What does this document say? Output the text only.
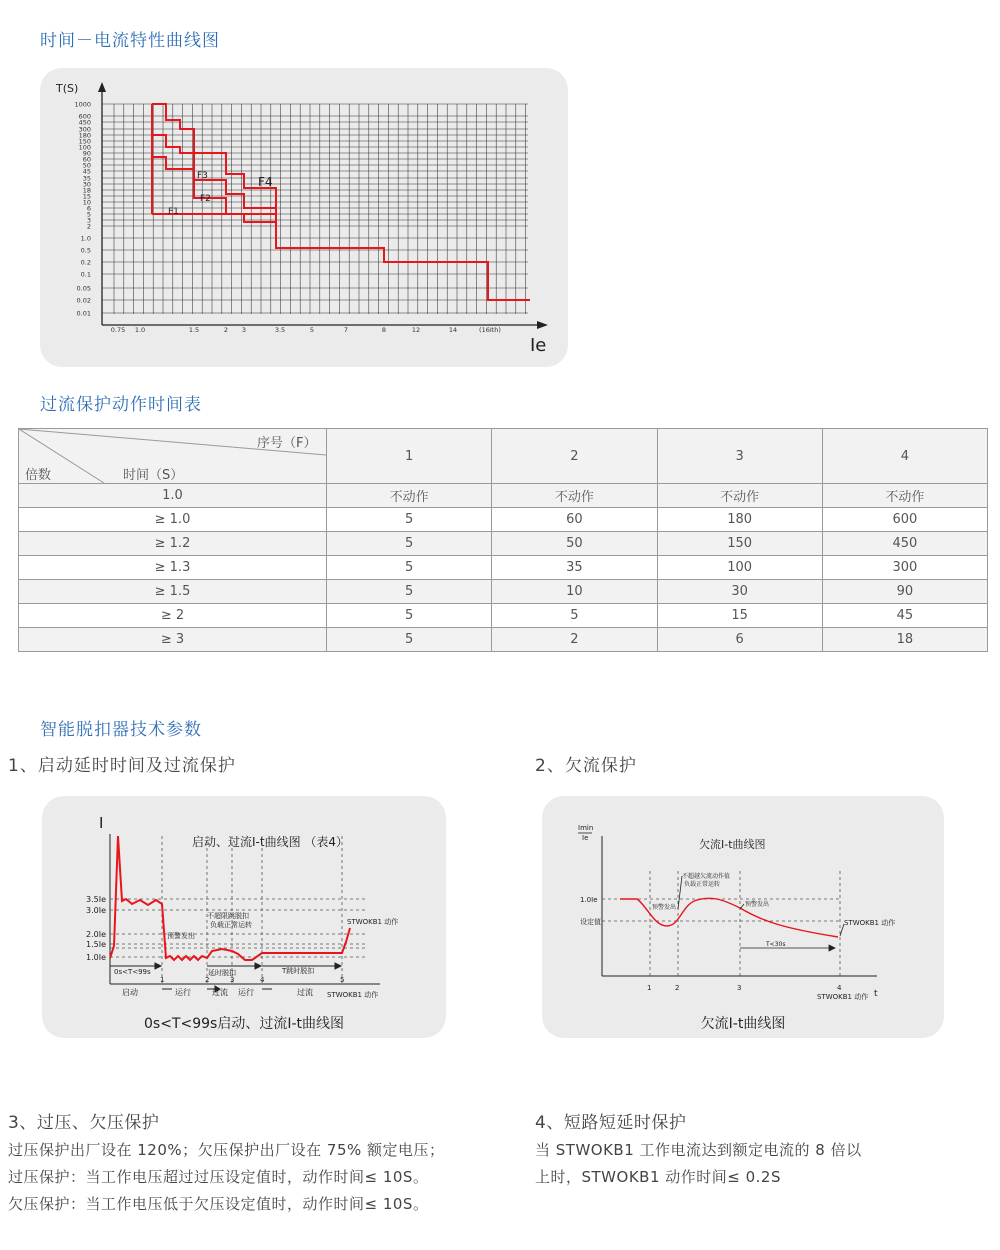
时间－电流特性曲线图
1000
600
450
300
180
150
100
90
60
50
45
35
30
18
15
10
6
5
3
2
1.0
0.5
0.2
0.1
0.05
0.02
0.01
0.75 1.0	1.5	2 3	3.5	5	7	8	12	14	(16Ith)
F1
F2
F3	F4
T(S)
Ie
过流保护动作时间表
序号（F）
倍数 时间（S）	1	2	3	4
1.0	不动作	不动作	不动作	不动作
≥ 1.0	5	60	180	600
≥ 1.2	5	50	150	450
≥ 1.3	5	35	100	300
≥ 1.5	5	10	30	90
≥ 2	5	5	15	45
≥ 3	5	2	6	18
智能脱扣器技术参数
1、启动延时时间及过流保护	2、欠流保护
I
启动、过流I-t曲线图 （表4）
3.5Ie
3.0Ie
2.0Ie
1.5Ie
1.0Ie
0s<T<99s
预警发出
不超限跳脱扣
负载正常运转
延时脱扣	T跳时脱扣
STWOKB1 动作
1	2	3	4	5
启动	运行	过流 运行	过流 STWOKB1 动作
0s<T<99s启动、过流I-t曲线图
Imin
Ie	欠流I-t曲线图
t
1.0Ie
设定值
不超越欠流动作值
负载正常运转
预警发出	预警发出
T<30s
STWOKB1 动作
1	2	3	4
STWOKB1 动作
欠流I-t曲线图
3、过压、欠压保护
过压保护出厂设在 120%；欠压保护出厂设在 75% 额定电压；
过压保护：当工作电压超过过压设定值时，动作时间≤ 10S。
欠压保护：当工作电压低于欠压设定值时，动作时间≤ 10S。
4、短路短延时保护
当 STWOKB1 工作电流达到额定电流的 8 倍以
上时，STWOKB1 动作时间≤ 0.2S
